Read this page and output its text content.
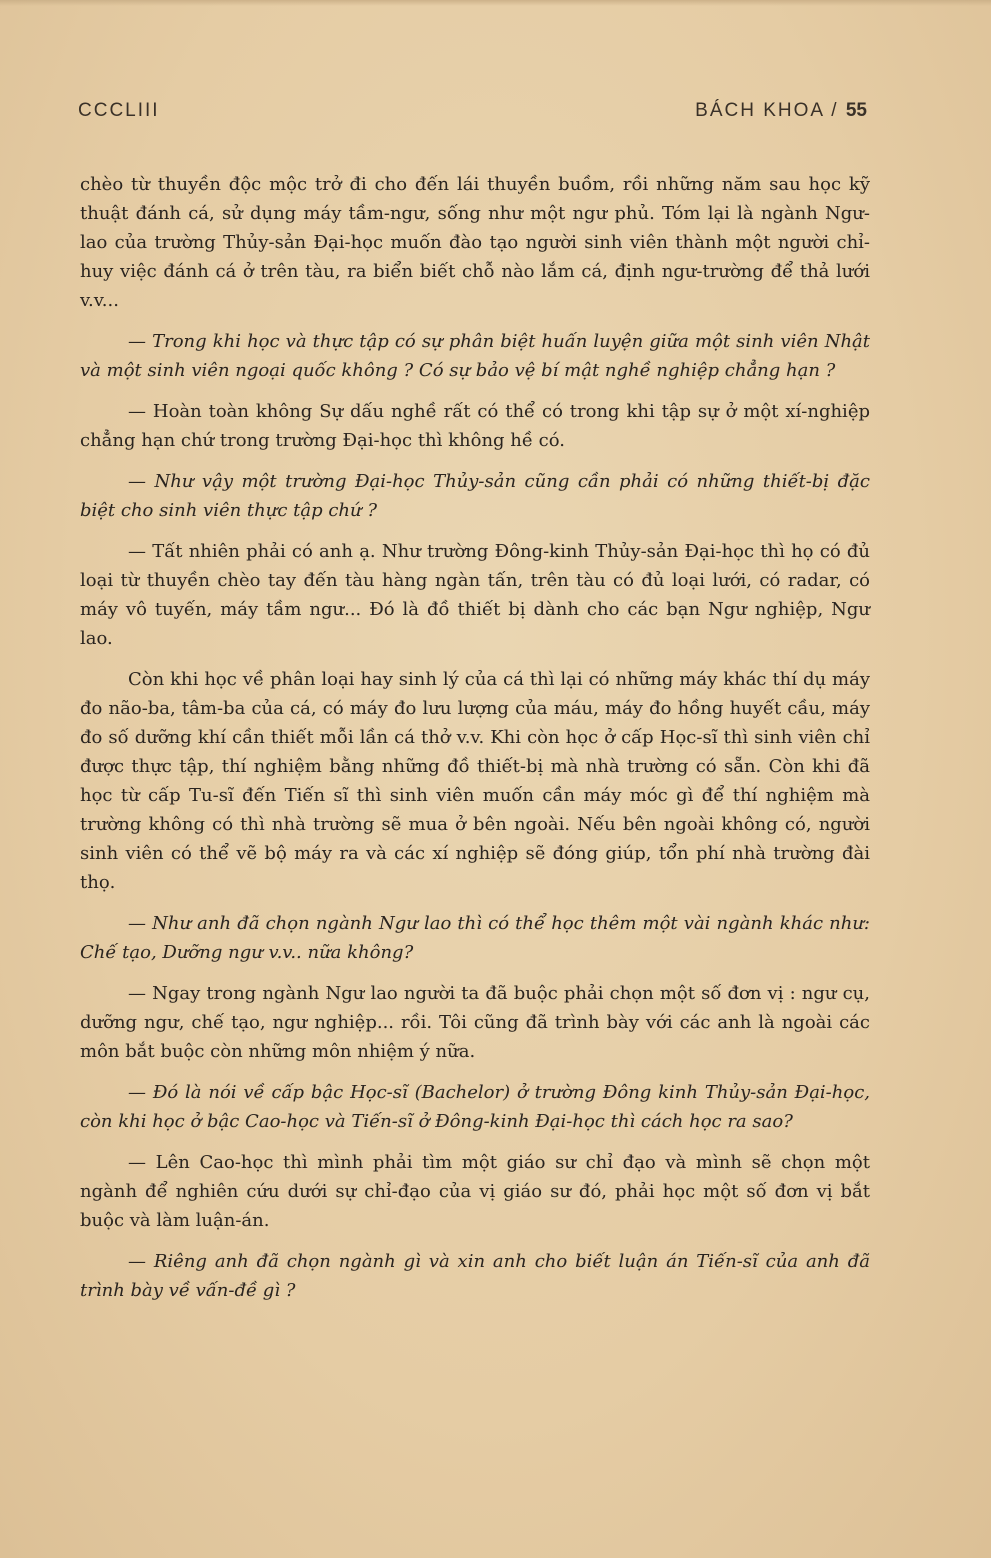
CCCLIII	BÁCH KHOA / 55

chèo từ thuyền độc mộc trở đi cho đến lái thuyền buồm, rồi những năm sau học kỹ thuật đánh cá, sử dụng máy tầm-ngư, sống như một ngư phủ. Tóm lại là ngành Ngư-lao của trường Thủy-sản Đại-học muốn đào tạo người sinh viên thành một người chỉ-huy việc đánh cá ở trên tàu, ra biển biết chỗ nào lắm cá, định ngư-trường để thả lưới v.v...

— Trong khi học và thực tập có sự phân biệt huấn luyện giữa một sinh viên Nhật và một sinh viên ngoại quốc không ? Có sự bảo vệ bí mật nghề nghiệp chẳng hạn ?

— Hoàn toàn không Sự dấu nghề rất có thể có trong khi tập sự ở một xí-nghiệp chẳng hạn chứ trong trường Đại-học thì không hề có.

— Như vậy một trường Đại-học Thủy-sản cũng cần phải có những thiết-bị đặc biệt cho sinh viên thực tập chứ ?

— Tất nhiên phải có anh ạ. Như trường Đông-kinh Thủy-sản Đại-học thì họ có đủ loại từ thuyền chèo tay đến tàu hàng ngàn tấn, trên tàu có đủ loại lưới, có radar, có máy vô tuyến, máy tầm ngư... Đó là đồ thiết bị dành cho các bạn Ngư nghiệp, Ngư lao.

Còn khi học về phân loại hay sinh lý của cá thì lại có những máy khác thí dụ máy đo não-ba, tâm-ba của cá, có máy đo lưu lượng của máu, máy đo hồng huyết cầu, máy đo số dưỡng khí cần thiết mỗi lần cá thở v.v. Khi còn học ở cấp Học-sĩ thì sinh viên chỉ được thực tập, thí nghiệm bằng những đồ thiết-bị mà nhà trường có sẵn. Còn khi đã học từ cấp Tu-sĩ đến Tiến sĩ thì sinh viên muốn cần máy móc gì để thí nghiệm mà trường không có thì nhà trường sẽ mua ở bên ngoài. Nếu bên ngoài không có, người sinh viên có thể vẽ bộ máy ra và các xí nghiệp sẽ đóng giúp, tổn phí nhà trường đài thọ.

— Như anh đã chọn ngành Ngư lao thì có thể học thêm một vài ngành khác như: Chế tạo, Dưỡng ngư v.v.. nữa không?

— Ngay trong ngành Ngư lao người ta đã buộc phải chọn một số đơn vị : ngư cụ, dưỡng ngư, chế tạo, ngư nghiệp... rồi. Tôi cũng đã trình bày với các anh là ngoài các môn bắt buộc còn những môn nhiệm ý nữa.

— Đó là nói về cấp bậc Học-sĩ (Bachelor) ở trường Đông kinh Thủy-sản Đại-học, còn khi học ở bậc Cao-học và Tiến-sĩ ở Đông-kinh Đại-học thì cách học ra sao?

— Lên Cao-học thì mình phải tìm một giáo sư chỉ đạo và mình sẽ chọn một ngành để nghiên cứu dưới sự chỉ-đạo của vị giáo sư đó, phải học một số đơn vị bắt buộc và làm luận-án.

— Riêng anh đã chọn ngành gì và xin anh cho biết luận án Tiến-sĩ của anh đã trình bày về vấn-đề gì ?
